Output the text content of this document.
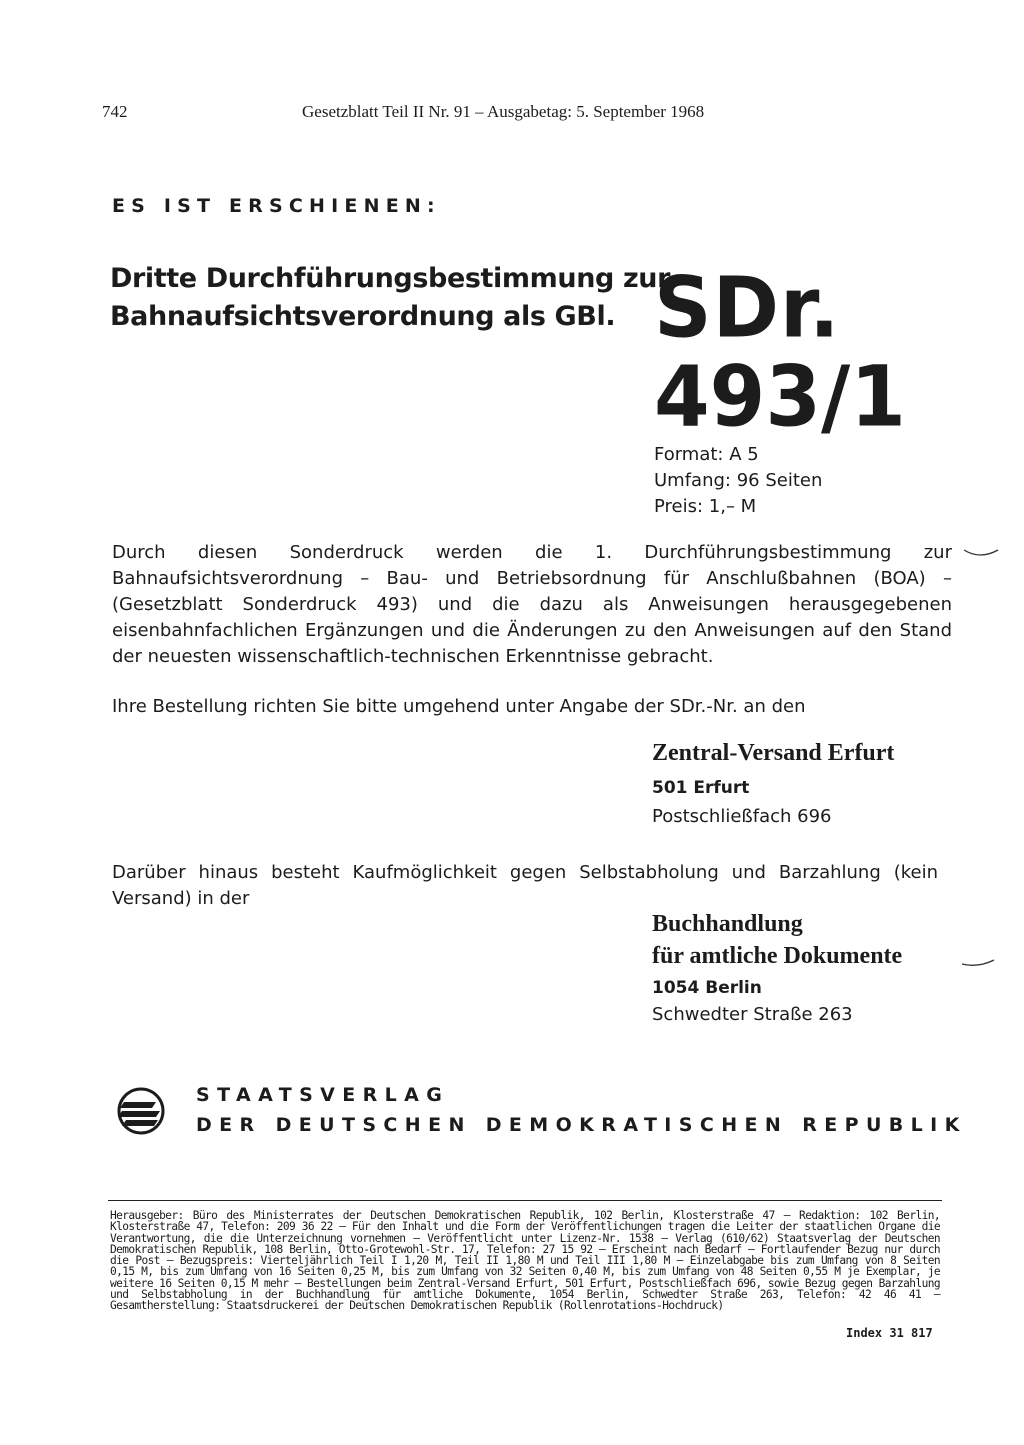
742	Gesetzblatt Teil II Nr. 91 – Ausgabetag: 5. September 1968
ES IST ERSCHIENEN:
Dritte Durchführungsbestimmung zur
Bahnaufsichtsverordnung als GBl. SDr.
493/1
Format: A 5
Umfang: 96 Seiten
Preis: 1,– M
Durch diesen Sonderdruck werden die 1. Durchführungsbestimmung zur Bahnaufsichtsverordnung – Bau- und Betriebsordnung für Anschlußbahnen (BOA) – (Gesetzblatt Sonderdruck 493) und die dazu als Anweisungen herausgegebenen eisenbahnfachlichen Ergänzungen und die Änderungen zu den Anweisungen auf den Stand der neuesten wissenschaftlich-technischen Erkenntnisse gebracht.
Ihre Bestellung richten Sie bitte umgehend unter Angabe der SDr.-Nr. an den
Zentral-Versand Erfurt
501 Erfurt
Postschließfach 696
Darüber hinaus besteht Kaufmöglichkeit gegen Selbstabholung und Barzahlung (kein Versand) in der
Buchhandlung
für amtliche Dokumente
1054 Berlin
Schwedter Straße 263
STAATSVERLAG
DER DEUTSCHEN DEMOKRATISCHEN REPUBLIK
Herausgeber: Büro des Ministerrates der Deutschen Demokratischen Republik, 102 Berlin, Klosterstraße 47 – Redaktion: 102 Berlin, Klosterstraße 47, Telefon: 209 36 22 – Für den Inhalt und die Form der Veröffentlichungen tragen die Leiter der staatlichen Organe die Verantwortung, die die Unterzeichnung vornehmen – Veröffentlicht unter Lizenz-Nr. 1538 – Verlag (610/62) Staatsverlag der Deutschen Demokratischen Republik, 108 Berlin, Otto-Grotewohl-Str. 17, Telefon: 27 15 92 – Erscheint nach Bedarf – Fortlaufender Bezug nur durch die Post – Bezugspreis: Vierteljährlich Teil I 1,20 M, Teil II 1,80 M und Teil III 1,80 M – Einzelabgabe bis zum Umfang von 8 Seiten 0,15 M, bis zum Umfang von 16 Seiten 0,25 M, bis zum Umfang von 32 Seiten 0,40 M, bis zum Umfang von 48 Seiten 0,55 M je Exemplar, je weitere 16 Seiten 0,15 M mehr – Bestellungen beim Zentral-Versand Erfurt, 501 Erfurt, Postschließfach 696, sowie Bezug gegen Barzahlung und Selbstabholung in der Buchhandlung für amtliche Dokumente, 1054 Berlin, Schwedter Straße 263, Telefon: 42 46 41 – Gesamtherstellung: Staatsdruckerei der Deutschen Demokratischen Republik (Rollenrotations-Hochdruck)
Index 31 817
